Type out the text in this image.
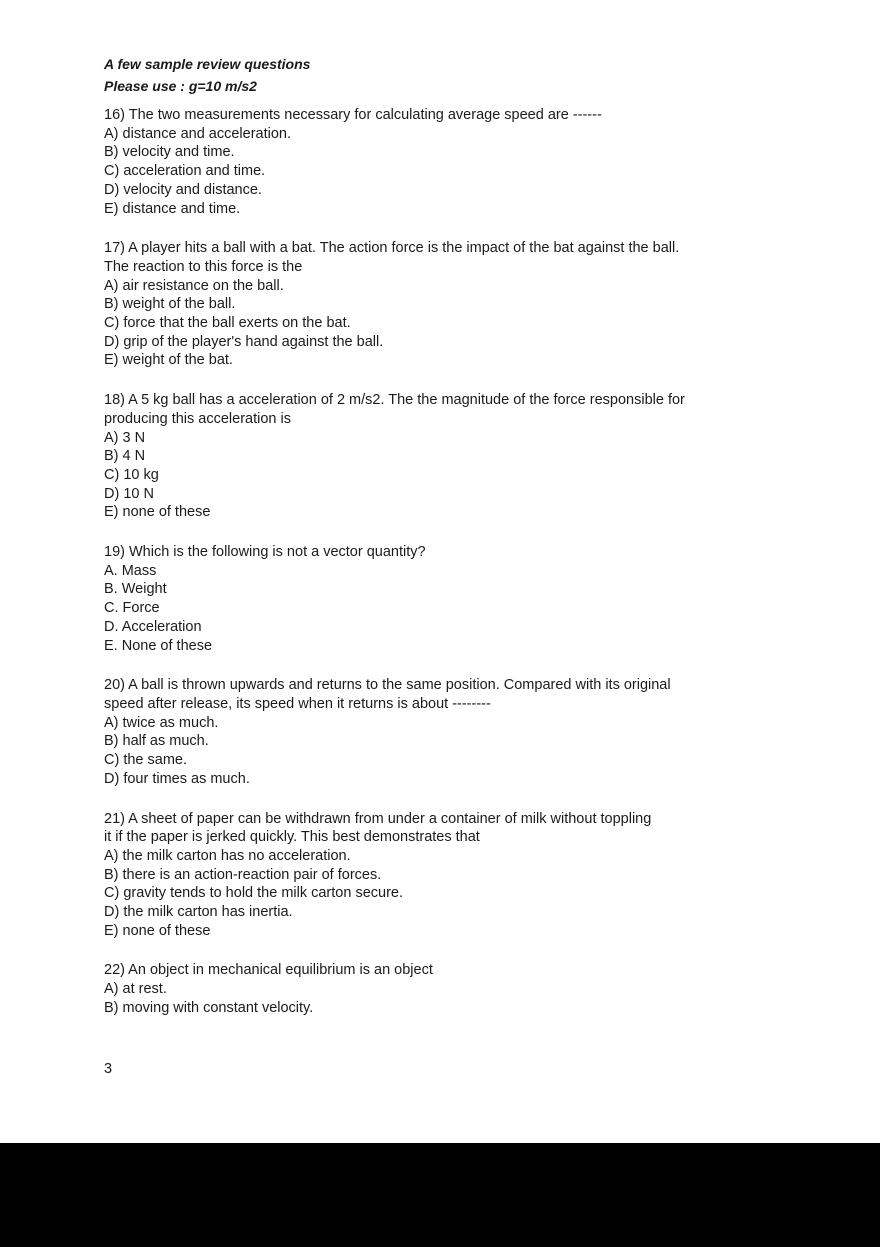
A few sample review questions
Please use : g=10 m/s2
16) The two measurements necessary for calculating average speed are ------
A) distance and acceleration.
B) velocity and time.
C) acceleration and time.
D) velocity and distance.
E) distance and time.
17) A player hits a ball with a bat. The action force is the impact of the bat against the ball.
The reaction to this force is the
A) air resistance on the ball.
B) weight of the ball.
C) force that the ball exerts on the bat.
D) grip of the player's hand against the ball.
E) weight of the bat.
18) A 5 kg ball has a acceleration of 2 m/s2. The the magnitude of the force responsible for
producing this acceleration is
A) 3 N
B) 4 N
C) 10 kg
D) 10 N
E) none of these
19) Which is the following is not a vector quantity?
A. Mass
B. Weight
C. Force
D. Acceleration
E. None of these
20) A ball is thrown upwards and returns to the same position. Compared with its original
speed after release, its speed when it returns is about --------
A) twice as much.
B) half as much.
C) the same.
D) four times as much.
21) A sheet of paper can be withdrawn from under a container of milk without toppling
it if the paper is jerked quickly. This best demonstrates that
A) the milk carton has no acceleration.
B) there is an action-reaction pair of forces.
C) gravity tends to hold the milk carton secure.
D) the milk carton has inertia.
E) none of these
22) An object in mechanical equilibrium is an object
A) at rest.
B) moving with constant velocity.
3
